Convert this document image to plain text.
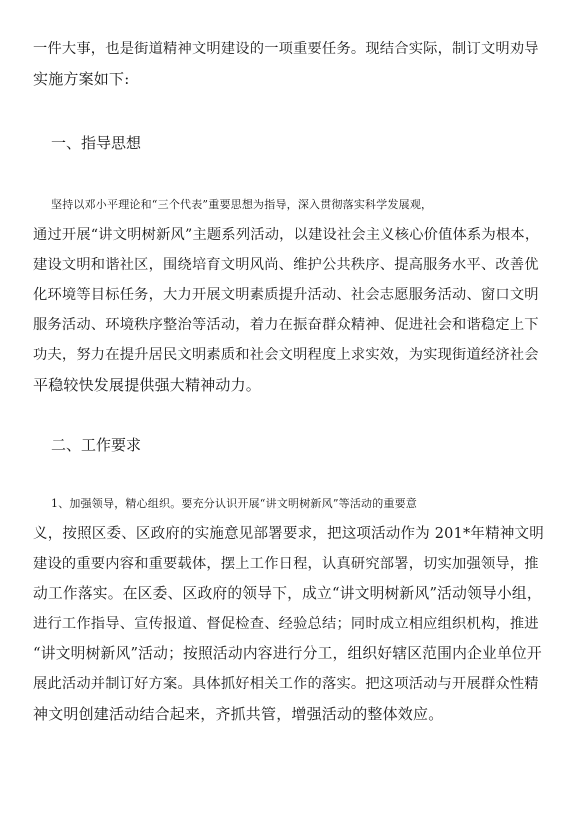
一件大事，也是街道精神文明建设的一项重要任务。现结合实际，制订文明劝导
实施方案如下:

一、指导思想

坚持以邓小平理论和“三个代表”重要思想为指导，深入贯彻落实科学发展观，
通过开展“讲文明树新风”主题系列活动，以建设社会主义核心价值体系为根本，
建设文明和谐社区，围绕培育文明风尚、维护公共秩序、提高服务水平、改善优
化环境等目标任务，大力开展文明素质提升活动、社会志愿服务活动、窗口文明
服务活动、环境秩序整治等活动，着力在振奋群众精神、促进社会和谐稳定上下
功夫，努力在提升居民文明素质和社会文明程度上求实效，为实现街道经济社会
平稳较快发展提供强大精神动力。

二、工作要求

1、加强领导，精心组织。要充分认识开展“讲文明树新风”等活动的重要意
义，按照区委、区政府的实施意见部署要求，把这项活动作为 201*年精神文明
建设的重要内容和重要载体，摆上工作日程，认真研究部署，切实加强领导，推
动工作落实。在区委、区政府的领导下，成立“讲文明树新风”活动领导小组，
进行工作指导、宣传报道、督促检查、经验总结；同时成立相应组织机构，推进
“讲文明树新风”活动；按照活动内容进行分工，组织好辖区范围内企业单位开
展此活动并制订好方案。具体抓好相关工作的落实。把这项活动与开展群众性精
神文明创建活动结合起来，齐抓共管，增强活动的整体效应。
